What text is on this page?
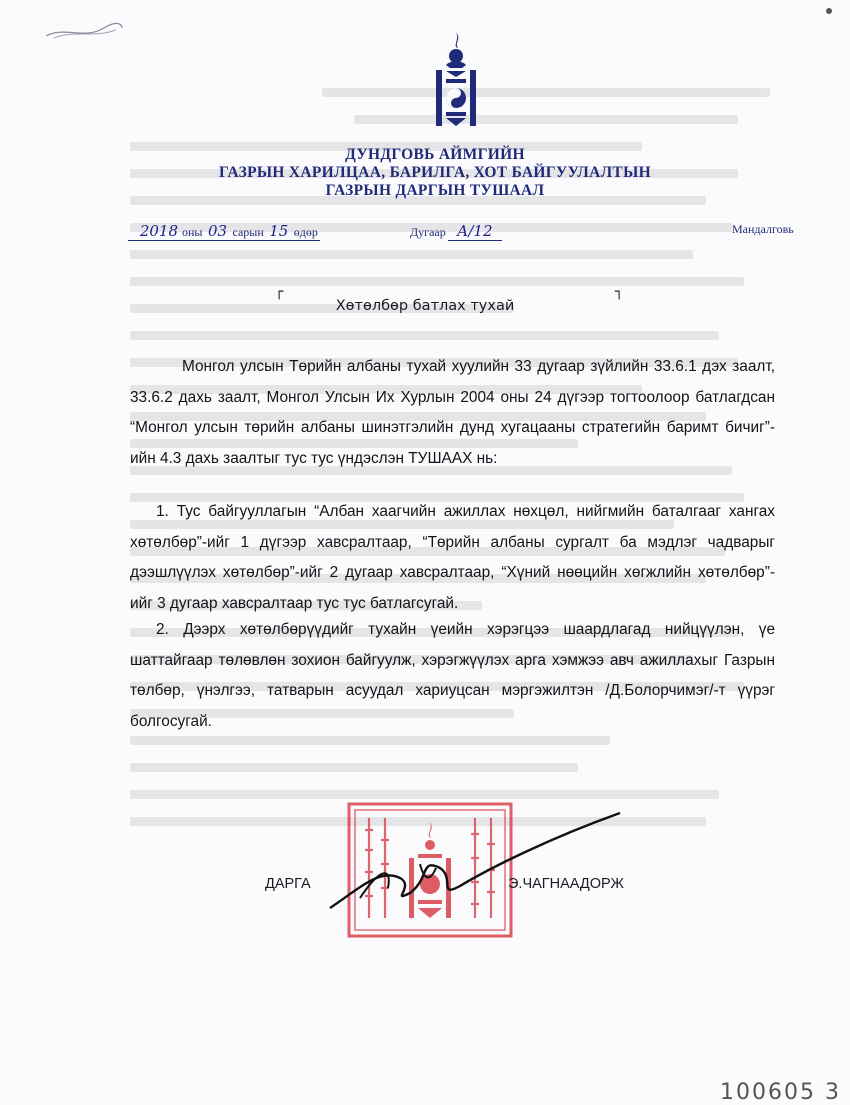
ДУНДГОВЬ АЙМГИЙН
ГАЗРЫН ХАРИЛЦАА, БАРИЛГА, ХОТ БАЙГУУЛАЛТЫН
ГАЗРЫН ДАРГЫН ТУШААЛ
2018 оны 03 сарын 15 өдөр	Дугаар А/12	Мандалговь
┌	┐
Хөтөлбөр батлах тухай
Монгол улсын Төрийн албаны тухай хуулийн 33 дугаар зүйлийн 33.6.1 дэх заалт, 33.6.2 дахь заалт, Монгол Улсын Их Хурлын 2004 оны 24 дүгээр тогтоолоор батлагдсан “Монгол улсын төрийн албаны шинэтгэлийн дунд хугацааны стратегийн баримт бичиг”-ийн 4.3 дахь заалтыг тус тус үндэслэн ТУШААХ нь:
1. Тус байгууллагын “Албан хаагчийн ажиллах нөхцөл, нийгмийн баталгааг хангах хөтөлбөр”-ийг 1 дүгээр хавсралтаар, “Төрийн албаны сургалт ба мэдлэг чадварыг дээшлүүлэх хөтөлбөр”-ийг 2 дугаар хавсралтаар, “Хүний нөөцийн хөгжлийн хөтөлбөр”-ийг 3 дугаар хавсралтаар тус тус батлагсугай.
2. Дээрх хөтөлбөрүүдийг тухайн үеийн хэрэгцээ шаардлагад нийцүүлэн, үе шаттайгаар төлөвлөн зохион байгуулж, хэрэгжүүлэх арга хэмжээ авч ажиллахыг Газрын төлбөр, үнэлгээ, татварын асуудал хариуцсан мэргэжилтэн /Д.Болорчимэг/-т үүрэг болгосугай.
ДАРГА	Э.ЧАГНААДОРЖ
100605 3
